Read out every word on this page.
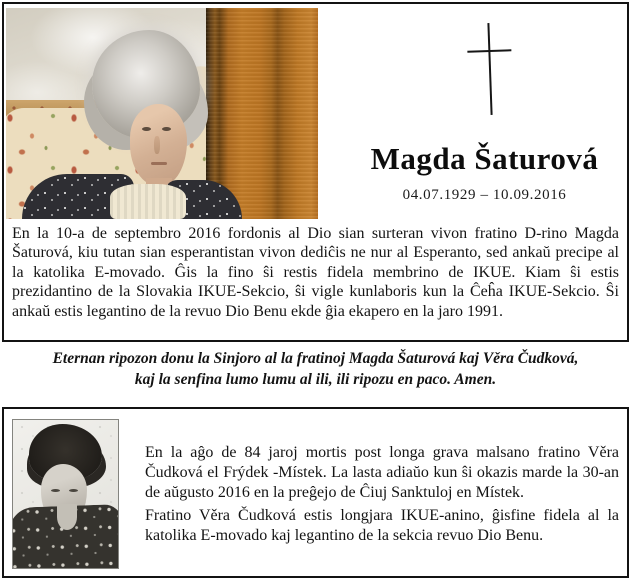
Magda Šaturová
04.07.1929 – 10.09.2016

En la 10-a de septembro 2016 fordonis al Dio sian surteran vivon fratino D-rino Magda Šaturová, kiu tutan sian esperantistan vivon dediĉis ne nur al Esperanto, sed ankaŭ precipe al la katolika E-movado. Ĝis la fino ŝi restis fidela membrino de IKUE. Kiam ŝi estis prezidantino de la Slovakia IKUE-Sekcio, ŝi vigle kunlaboris kun la Ĉeĥa IKUE-Sekcio. Ŝi ankaŭ estis legantino de la revuo Dio Benu ekde ĝia ekapero en la jaro 1991.

Eternan ripozon donu la Sinjoro al la fratinoj Magda Šaturová kaj Věra Čudková,
kaj la senfina lumo lumu al ili, ili ripozu en paco. Amen.

En la aĝo de 84 jaroj mortis post longa grava malsano fratino Věra Čudková el Frýdek -Místek. La lasta adiaŭo kun ŝi okazis marde la 30-an de aŭgusto 2016 en la preĝejo de Ĉiuj Sanktuloj en Místek.

Fratino Věra Čudková estis longjara IKUE-anino, ĝisfine fidela al la katolika E-movado kaj legantino de la sekcia revuo Dio Benu.
